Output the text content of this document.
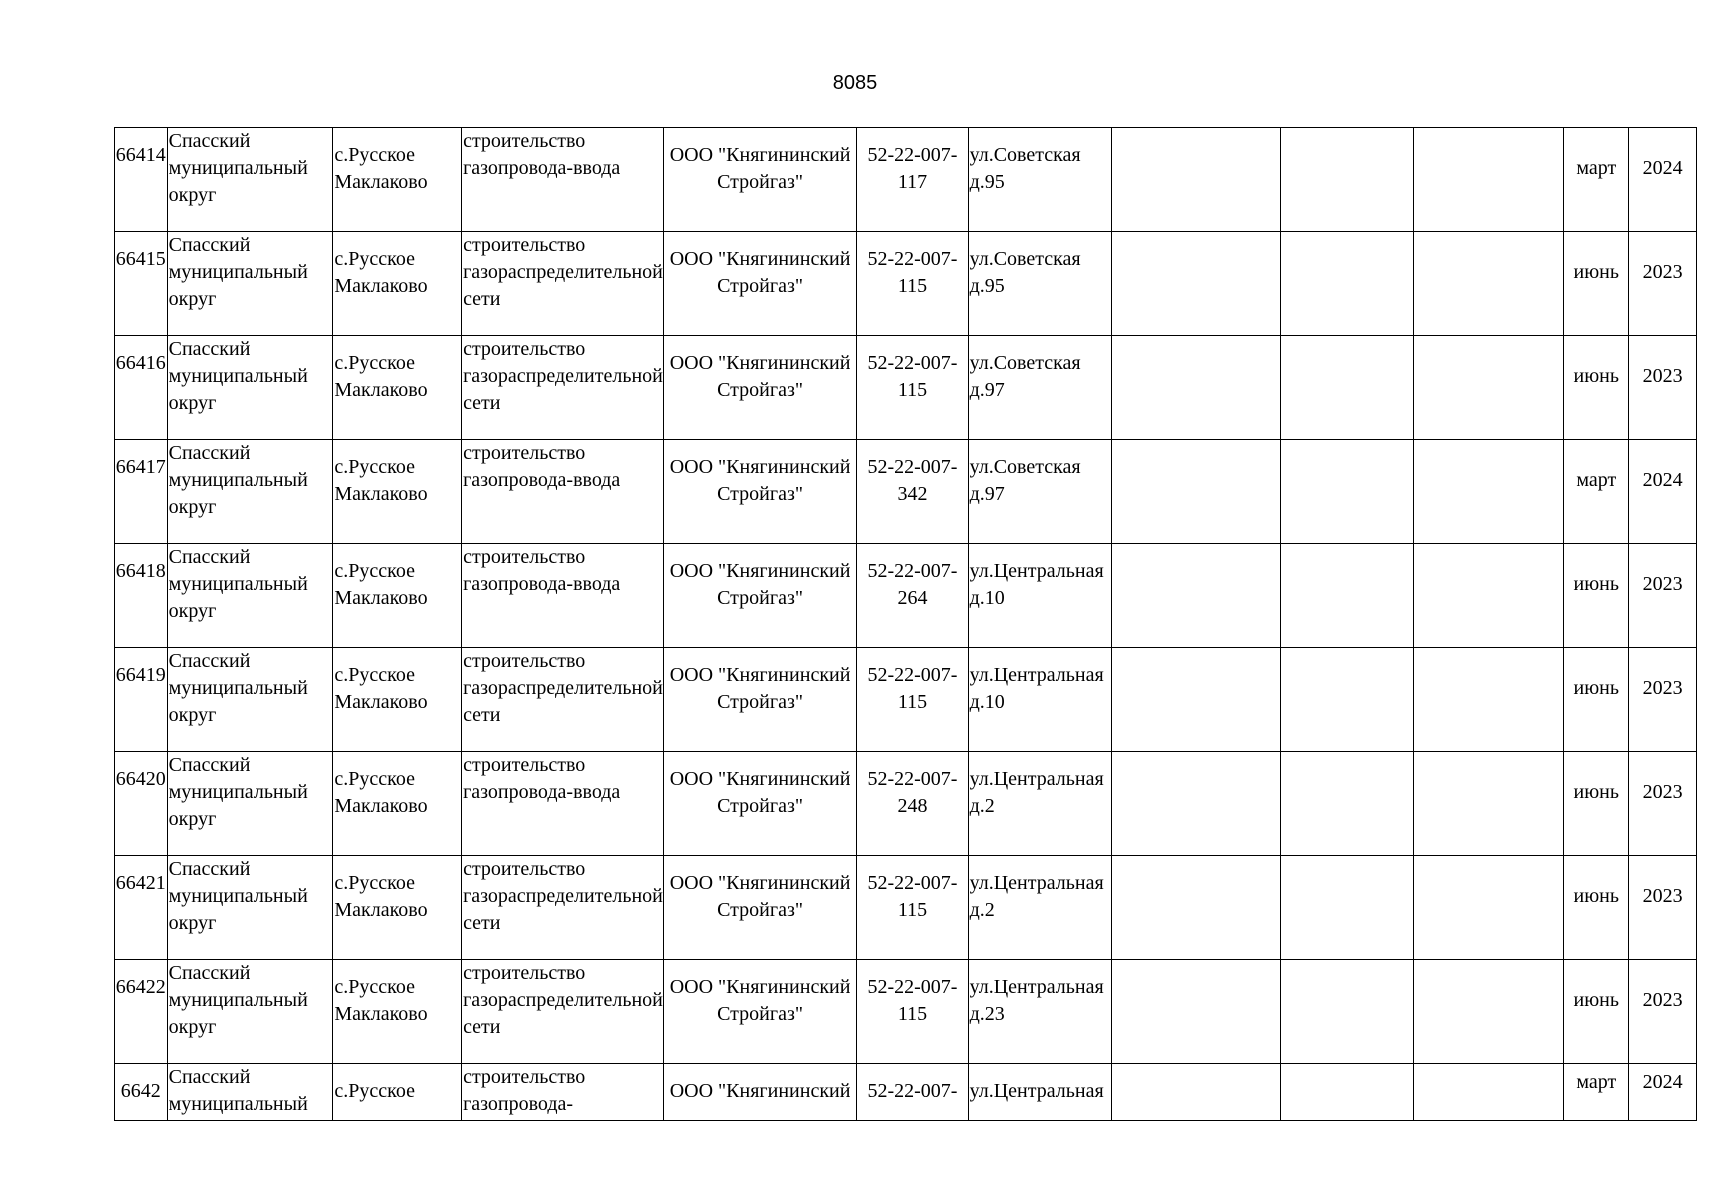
8085
66414	Спасский муниципальный округ	с.Русское Маклаково	строительство газопровода-ввода	ООО "Княгининский Стройгаз"	52-22-007-117	ул.Советская д.95				март	2024
66415	Спасский муниципальный округ	с.Русское Маклаково	строительство газораспределительной сети	ООО "Княгининский Стройгаз"	52-22-007-115	ул.Советская д.95				июнь	2023
66416	Спасский муниципальный округ	с.Русское Маклаково	строительство газораспределительной сети	ООО "Княгининский Стройгаз"	52-22-007-115	ул.Советская д.97				июнь	2023
66417	Спасский муниципальный округ	с.Русское Маклаково	строительство газопровода-ввода	ООО "Княгининский Стройгаз"	52-22-007-342	ул.Советская д.97				март	2024
66418	Спасский муниципальный округ	с.Русское Маклаково	строительство газопровода-ввода	ООО "Княгининский Стройгаз"	52-22-007-264	ул.Центральная д.10				июнь	2023
66419	Спасский муниципальный округ	с.Русское Маклаково	строительство газораспределительной сети	ООО "Княгининский Стройгаз"	52-22-007-115	ул.Центральная д.10				июнь	2023
66420	Спасский муниципальный округ	с.Русское Маклаково	строительство газопровода-ввода	ООО "Княгининский Стройгаз"	52-22-007-248	ул.Центральная д.2				июнь	2023
66421	Спасский муниципальный округ	с.Русское Маклаково	строительство газораспределительной сети	ООО "Княгининский Стройгаз"	52-22-007-115	ул.Центральная д.2				июнь	2023
66422	Спасский муниципальный округ	с.Русское Маклаково	строительство газораспределительной сети	ООО "Княгининский Стройгаз"	52-22-007-115	ул.Центральная д.23				июнь	2023
6642	Спасский муниципальный	с.Русское	строительство газопровода-	ООО "Княгининский	52-22-007-	ул.Центральная				март	2024
